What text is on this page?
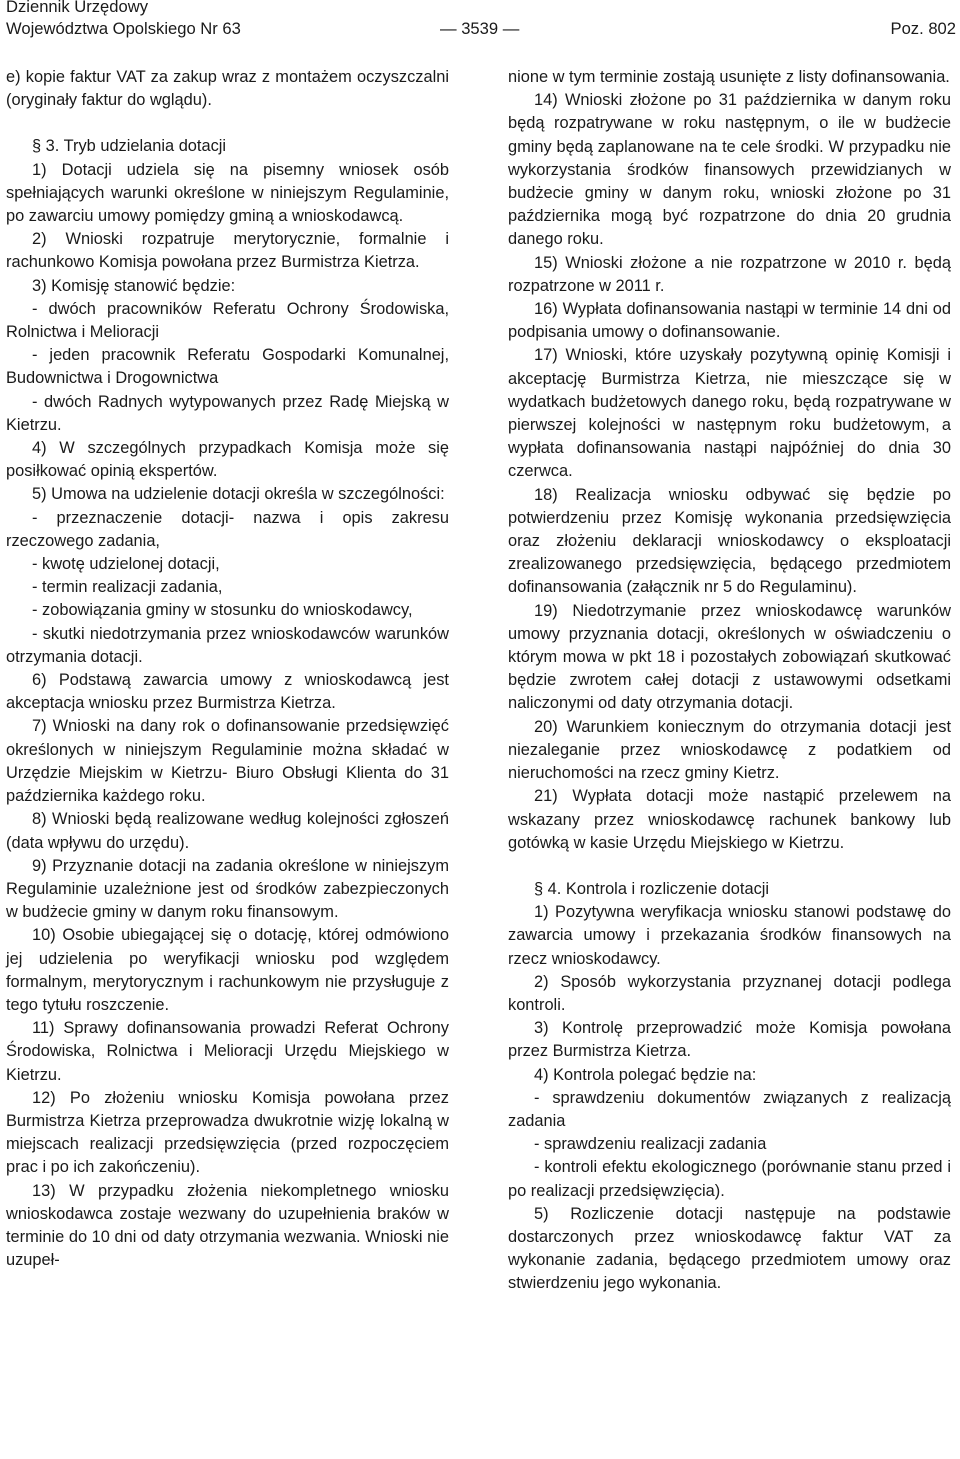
Dziennik Urzędowy
Województwa Opolskiego Nr 63	— 3539 —	Poz. 802

e) kopie faktur VAT za zakup wraz z montażem oczyszczalni (oryginały faktur do wglądu).

§ 3. Tryb udzielania dotacji

1) Dotacji udziela się na pisemny wniosek osób spełniających warunki określone w niniejszym Regulaminie, po zawarciu umowy pomiędzy gminą a wnioskodawcą.

2) Wnioski rozpatruje merytorycznie, formalnie i rachunkowo Komisja powołana przez Burmistrza Kietrza.

3) Komisję stanowić będzie:

- dwóch pracowników Referatu Ochrony Środowiska, Rolnictwa i Melioracji

- jeden pracownik Referatu Gospodarki Komunalnej, Budownictwa i Drogownictwa

- dwóch Radnych wytypowanych przez Radę Miejską w Kietrzu.

4) W szczególnych przypadkach Komisja może się posiłkować opinią ekspertów.

5) Umowa na udzielenie dotacji określa w szczególności:

- przeznaczenie dotacji- nazwa i opis zakresu rzeczowego zadania,

- kwotę udzielonej dotacji,

- termin realizacji zadania,

- zobowiązania gminy w stosunku do wnioskodawcy,

- skutki niedotrzymania przez wnioskodawców warunków otrzymania dotacji.

6) Podstawą zawarcia umowy z wnioskodawcą jest akceptacja wniosku przez Burmistrza Kietrza.

7) Wnioski na dany rok o dofinansowanie przedsięwzięć określonych w niniejszym Regulaminie można składać w Urzędzie Miejskim w Kietrzu- Biuro Obsługi Klienta do 31 października każdego roku.

8) Wnioski będą realizowane według kolejności zgłoszeń (data wpływu do urzędu).

9) Przyznanie dotacji na zadania określone w niniejszym Regulaminie uzależnione jest od środków zabezpieczonych w budżecie gminy w danym roku finansowym.

10) Osobie ubiegającej się o dotację, której odmówiono jej udzielenia po weryfikacji wniosku pod względem formalnym, merytorycznym i rachunkowym nie przysługuje z tego tytułu roszczenie.

11) Sprawy dofinansowania prowadzi Referat Ochrony Środowiska, Rolnictwa i Melioracji Urzędu Miejskiego w Kietrzu.

12) Po złożeniu wniosku Komisja powołana przez Burmistrza Kietrza przeprowadza dwukrotnie wizję lokalną w miejscach realizacji przedsięwzięcia (przed rozpoczęciem prac i po ich zakończeniu).

13) W przypadku złożenia niekompletnego wniosku wnioskodawca zostaje wezwany do uzupełnienia braków w terminie do 10 dni od daty otrzymania wezwania. Wnioski nie uzupeł-

nione w tym terminie zostają usunięte z listy dofinansowania.

14) Wnioski złożone po 31 października w danym roku będą rozpatrywane w roku następnym, o ile w budżecie gminy będą zaplanowane na te cele środki. W przypadku nie wykorzystania środków finansowych przewidzianych w budżecie gminy w danym roku, wnioski złożone po 31 października mogą być rozpatrzone do dnia 20 grudnia danego roku.

15) Wnioski złożone a nie rozpatrzone w 2010 r. będą rozpatrzone w 2011 r.

16) Wypłata dofinansowania nastąpi w terminie 14 dni od podpisania umowy o dofinansowanie.

17) Wnioski, które uzyskały pozytywną opinię Komisji i akceptację Burmistrza Kietrza, nie mieszczące się w wydatkach budżetowych danego roku, będą rozpatrywane w pierwszej kolejności w następnym roku budżetowym, a wypłata dofinansowania nastąpi najpóźniej do dnia 30 czerwca.

18) Realizacja wniosku odbywać się będzie po potwierdzeniu przez Komisję wykonania przedsięwzięcia oraz złożeniu deklaracji wnioskodawcy o eksploatacji zrealizowanego przedsięwzięcia, będącego przedmiotem dofinansowania (załącznik nr 5 do Regulaminu).

19) Niedotrzymanie przez wnioskodawcę warunków umowy przyznania dotacji, określonych w oświadczeniu o którym mowa w pkt 18 i pozostałych zobowiązań skutkować będzie zwrotem całej dotacji z ustawowymi odsetkami naliczonymi od daty otrzymania dotacji.

20) Warunkiem koniecznym do otrzymania dotacji jest niezaleganie przez wnioskodawcę z podatkiem od nieruchomości na rzecz gminy Kietrz.

21) Wypłata dotacji może nastąpić przelewem na wskazany przez wnioskodawcę rachunek bankowy lub gotówką w kasie Urzędu Miejskiego w Kietrzu.

§ 4. Kontrola i rozliczenie dotacji

1) Pozytywna weryfikacja wniosku stanowi podstawę do zawarcia umowy i przekazania środków finansowych na rzecz wnioskodawcy.

2) Sposób wykorzystania przyznanej dotacji podlega kontroli.

3) Kontrolę przeprowadzić może Komisja powołana przez Burmistrza Kietrza.

4) Kontrola polegać będzie na:

- sprawdzeniu dokumentów związanych z realizacją zadania

- sprawdzeniu realizacji zadania

- kontroli efektu ekologicznego (porównanie stanu przed i po realizacji przedsięwzięcia).

5) Rozliczenie dotacji następuje na podstawie dostarczonych przez wnioskodawcę faktur VAT za wykonanie zadania, będącego przedmiotem umowy oraz stwierdzeniu jego wykonania.
